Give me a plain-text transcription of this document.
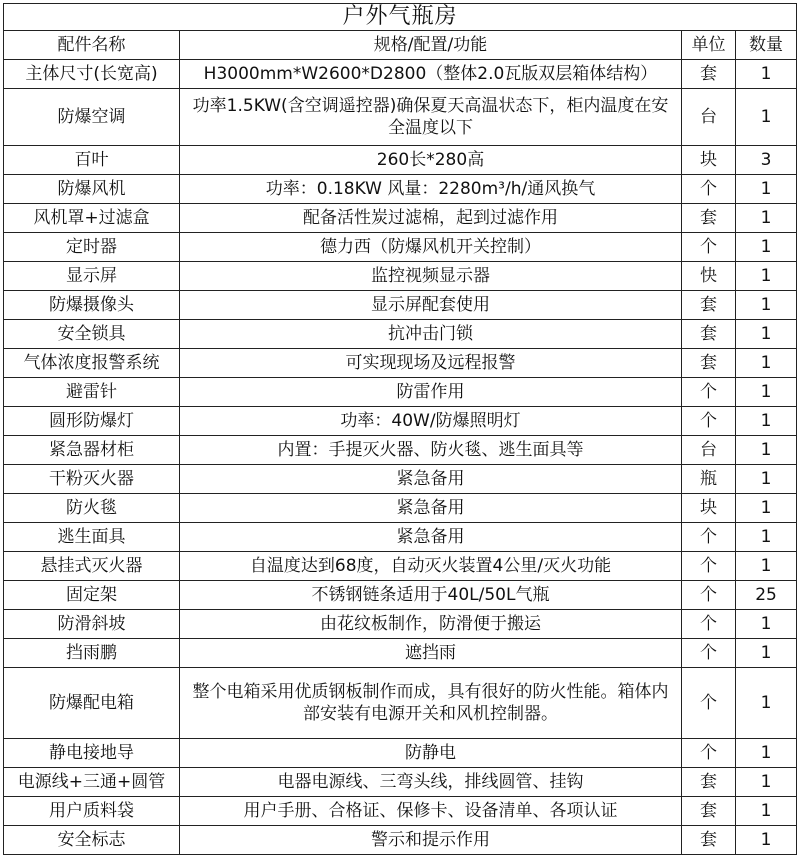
户外气瓶房			
配件名称	规格/配置/功能	单位	数量
主体尺寸(长宽高)	H3000mm*W2600*D2800（整体2.0瓦版双层箱体结构）	套	1
防爆空调	功率1.5KW(含空调遥控器)确保夏天高温状态下，柜内温度在安全温度以下	台	1
百叶	260长*280高	块	3
防爆风机	功率：0.18KW 风量：2280m³/h/通风换气	个	1
风机罩+过滤盒	配备活性炭过滤棉，起到过滤作用	套	1
定时器	德力西（防爆风机开关控制）	个	1
显示屏	监控视频显示器	快	1
防爆摄像头	显示屏配套使用	套	1
安全锁具	抗冲击门锁	套	1
气体浓度报警系统	可实现现场及远程报警	套	1
避雷针	防雷作用	个	1
圆形防爆灯	功率：40W/防爆照明灯	个	1
紧急器材柜	内置：手提灭火器、防火毯、逃生面具等	台	1
干粉灭火器	紧急备用	瓶	1
防火毯	紧急备用	块	1
逃生面具	紧急备用	个	1
悬挂式灭火器	自温度达到68度，自动灭火装置4公里/灭火功能	个	1
固定架	不锈钢链条适用于40L/50L气瓶	个	25
防滑斜坡	由花纹板制作，防滑便于搬运	个	1
挡雨鹏	遮挡雨	个	1
防爆配电箱	整个电箱采用优质钢板制作而成，具有很好的防火性能。箱体内部安装有电源开关和风机控制器。	个	1
静电接地导	防静电	个	1
电源线+三通+圆管	电器电源线、三弯头线，排线圆管、挂钩	套	1
用户质料袋	用户手册、合格证、保修卡、设备清单、各项认证	套	1
安全标志	警示和提示作用	套	1
